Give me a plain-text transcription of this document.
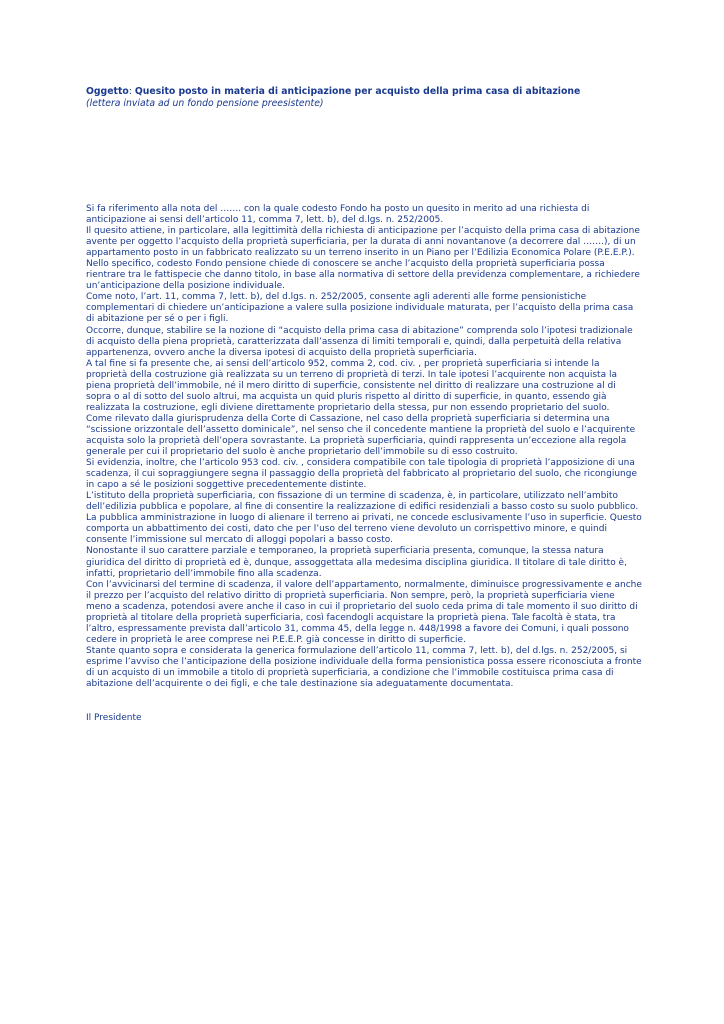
Oggetto: Quesito posto in materia di anticipazione per acquisto della prima casa di abitazione
(lettera inviata ad un fondo pensione preesistente)

Si fa riferimento alla nota del ……. con la quale codesto Fondo ha posto un quesito in merito ad una richiesta di anticipazione ai sensi dell’articolo 11, comma 7, lett. b), del d.lgs. n. 252/2005.

Il quesito attiene, in particolare, alla legittimità della richiesta di anticipazione per l’acquisto della prima casa di abitazione avente per oggetto l’acquisto della proprietà superficiaria, per la durata di anni novantanove (a decorrere dal …….), di un appartamento posto in un fabbricato realizzato su un terreno inserito in un Piano per l’Edilizia Economica Polare (P.E.E.P.).

Nello specifico, codesto Fondo pensione chiede di conoscere se anche l’acquisto della proprietà superficiaria possa rientrare tra le fattispecie che danno titolo, in base alla normativa di settore della previdenza complementare, a richiedere un’anticipazione della posizione individuale.

Come noto, l’art. 11, comma 7, lett. b), del d.lgs. n. 252/2005, consente agli aderenti alle forme pensionistiche complementari di chiedere un’anticipazione a valere sulla posizione individuale maturata, per l’acquisto della prima casa di abitazione per sé o per i figli.

Occorre, dunque, stabilire se la nozione di “acquisto della prima casa di abitazione” comprenda solo l’ipotesi tradizionale di acquisto della piena proprietà, caratterizzata dall’assenza di limiti temporali e, quindi, dalla perpetuità della relativa appartenenza, ovvero anche la diversa ipotesi di acquisto della proprietà superficiaria.

A tal fine si fa presente che, ai sensi dell’articolo 952, comma 2, cod. civ. , per proprietà superficiaria si intende la proprietà della costruzione già realizzata su un terreno di proprietà di terzi. In tale ipotesi l’acquirente non acquista la piena proprietà dell’immobile, né il mero diritto di superficie, consistente nel diritto di realizzare una costruzione al di sopra o al di sotto del suolo altrui, ma acquista un quid pluris rispetto al diritto di superficie, in quanto, essendo già realizzata la costruzione, egli diviene direttamente proprietario della stessa, pur non essendo proprietario del suolo.

Come rilevato dalla giurisprudenza della Corte di Cassazione, nel caso della proprietà superficiaria si determina una “scissione orizzontale dell’assetto dominicale”, nel senso che il concedente mantiene la proprietà del suolo e l’acquirente acquista solo la proprietà dell’opera sovrastante. La proprietà superficiaria, quindi rappresenta un’eccezione alla regola generale per cui il proprietario del suolo è anche proprietario dell’immobile su di esso costruito.

Si evidenzia, inoltre, che l’articolo 953 cod. civ. , considera compatibile con tale tipologia di proprietà l’apposizione di una scadenza, il cui sopraggiungere segna il passaggio della proprietà del fabbricato al proprietario del suolo, che ricongiunge in capo a sé le posizioni soggettive precedentemente distinte.

L’istituto della proprietà superficiaria, con fissazione di un termine di scadenza, è, in particolare, utilizzato nell’ambito dell’edilizia pubblica e popolare, al fine di consentire la realizzazione di edifici residenziali a basso costo su suolo pubblico. La pubblica amministrazione in luogo di alienare il terreno ai privati, ne concede esclusivamente l’uso in superficie. Questo comporta un abbattimento dei costi, dato che per l’uso del terreno viene devoluto un corrispettivo minore, e quindi consente l’immissione sul mercato di alloggi popolari a basso costo.

Nonostante il suo carattere parziale e temporaneo, la proprietà superficiaria presenta, comunque, la stessa natura giuridica del diritto di proprietà ed è, dunque, assoggettata alla medesima disciplina giuridica. Il titolare di tale diritto è, infatti, proprietario dell’immobile fino alla scadenza.

Con l’avvicinarsi del termine di scadenza, il valore dell’appartamento, normalmente, diminuisce progressivamente e anche il prezzo per l’acquisto del relativo diritto di proprietà superficiaria. Non sempre, però, la proprietà superficiaria viene meno a scadenza, potendosi avere anche il caso in cui il proprietario del suolo ceda prima di tale momento il suo diritto di proprietà al titolare della proprietà superficiaria, così facendogli acquistare la proprietà piena. Tale facoltà è stata, tra l’altro, espressamente prevista dall’articolo 31, comma 45, della legge n. 448/1998 a favore dei Comuni, i quali possono cedere in proprietà le aree comprese nei P.E.E.P. già concesse in diritto di superficie.

Stante quanto sopra e considerata la generica formulazione dell’articolo 11, comma 7, lett. b), del d.lgs. n. 252/2005, si esprime l’avviso che l’anticipazione della posizione individuale della forma pensionistica possa essere riconosciuta a fronte di un acquisto di un immobile a titolo di proprietà superficiaria, a condizione che l’immobile costituisca prima casa di abitazione dell’acquirente o dei figli, e che tale destinazione sia adeguatamente documentata.

Il Presidente
